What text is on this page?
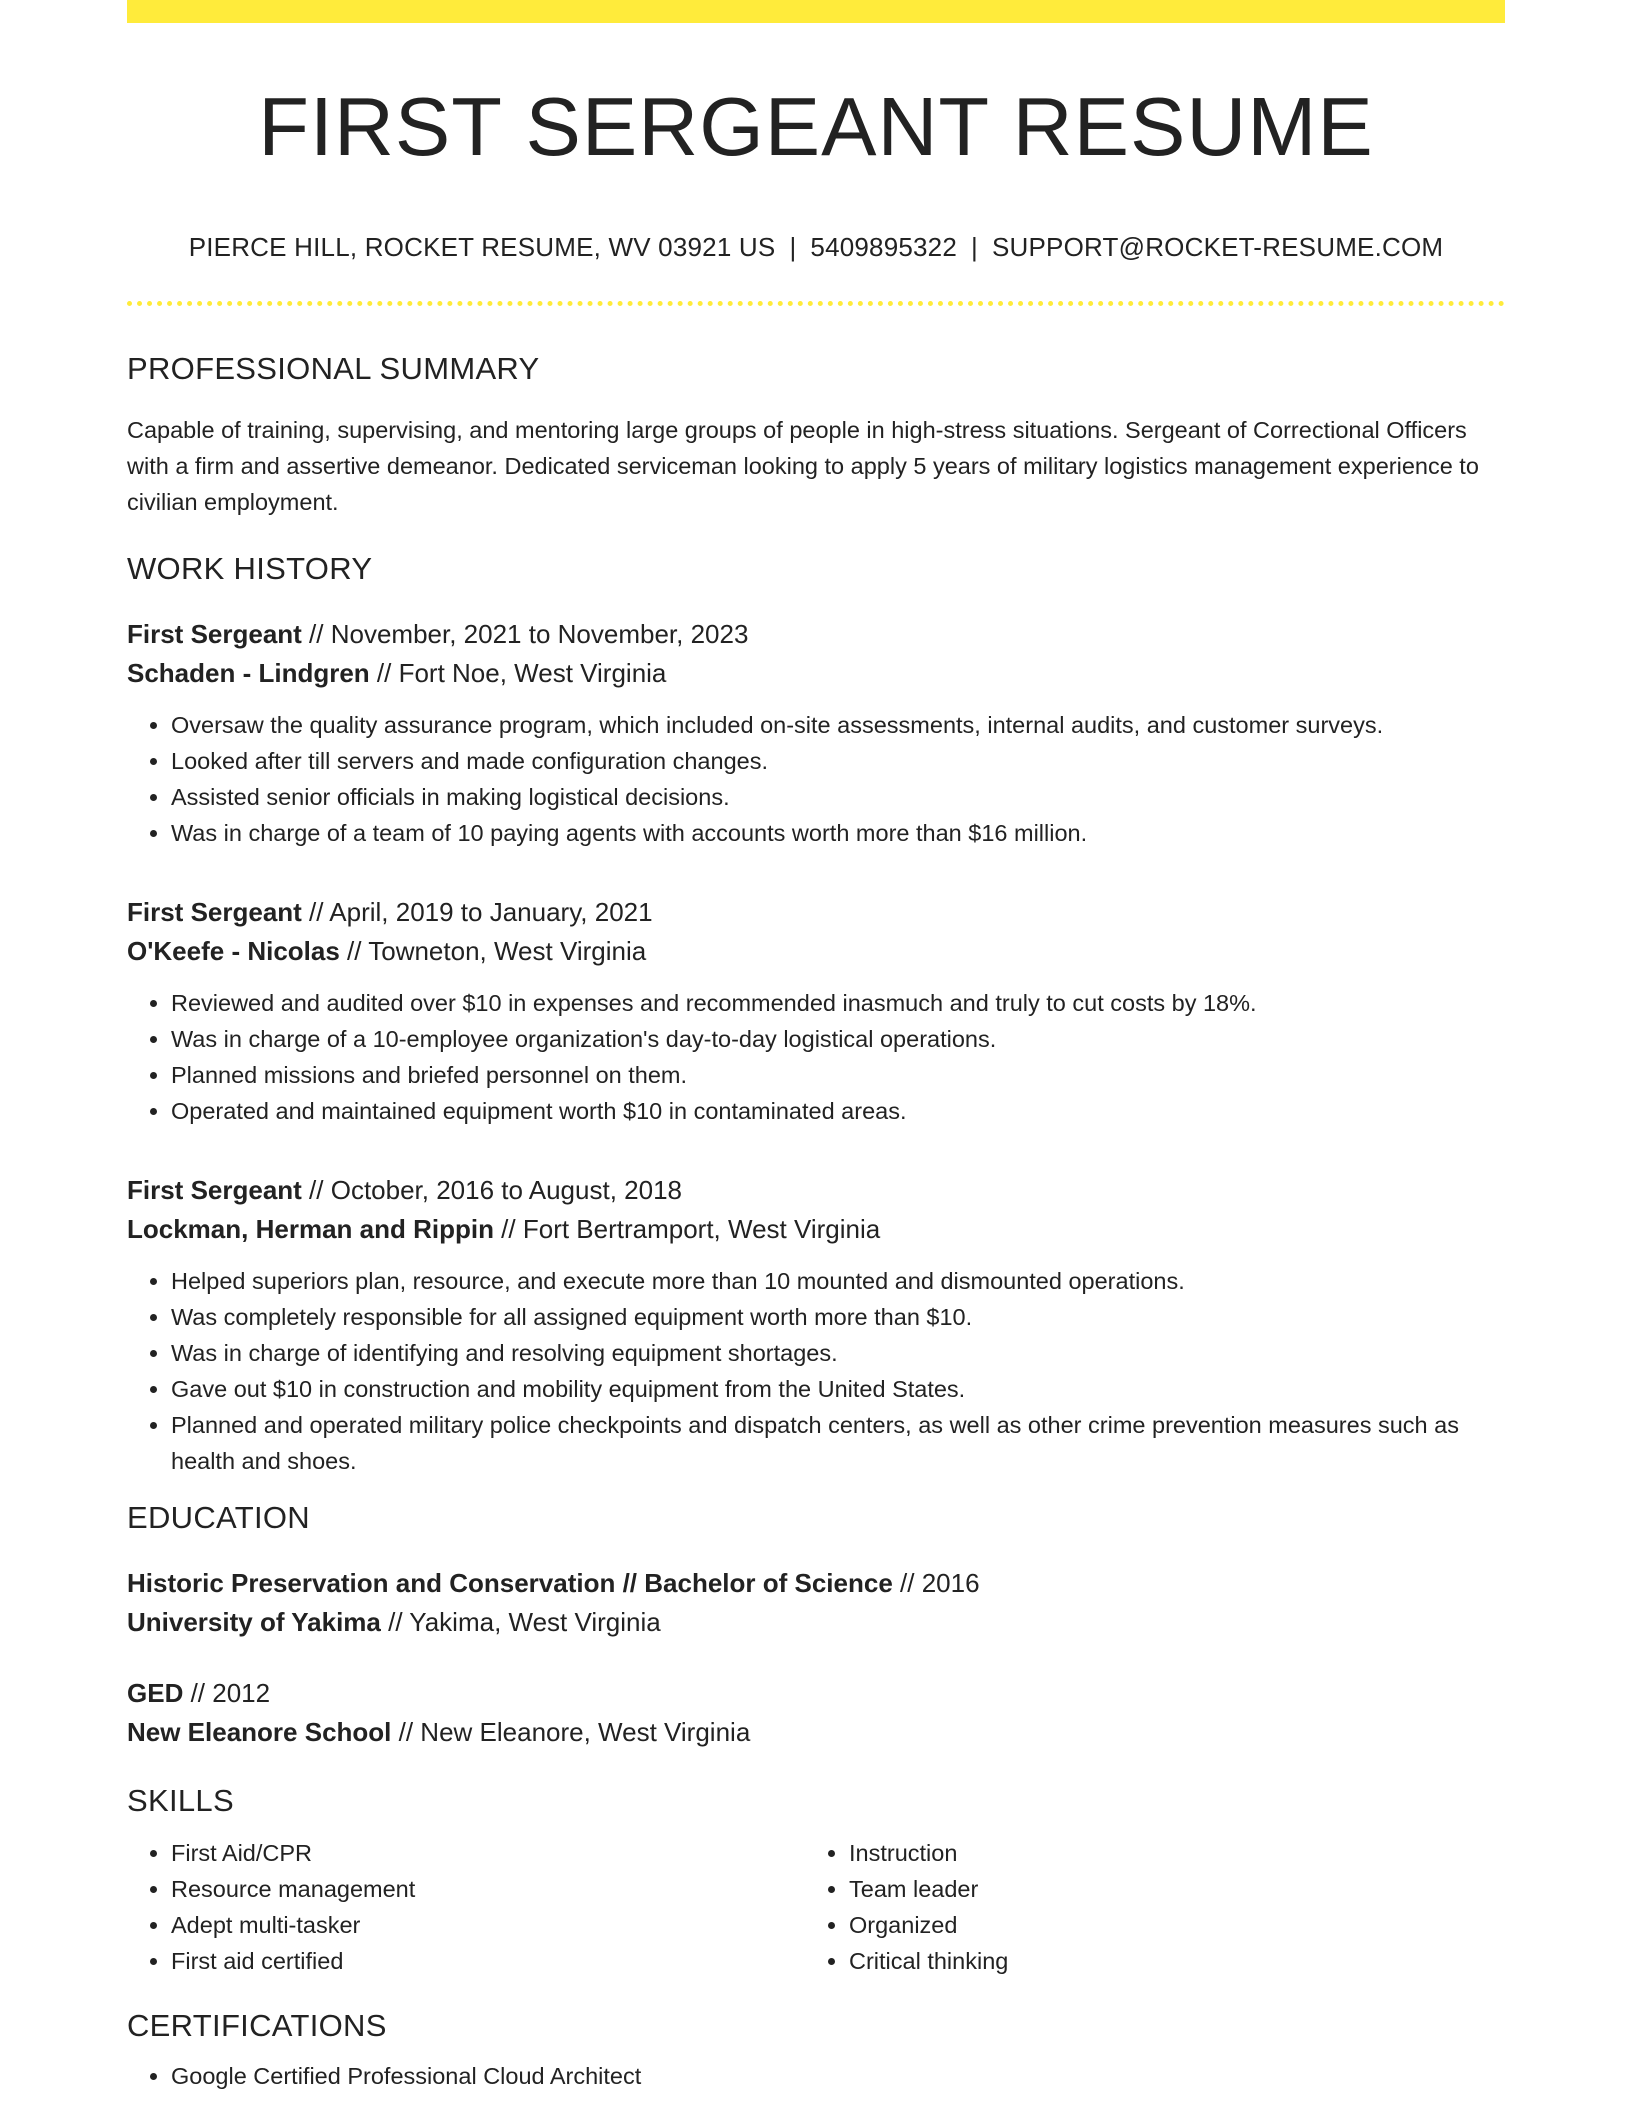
FIRST SERGEANT RESUME
PIERCE HILL, ROCKET RESUME, WV 03921 US | 5409895322 | SUPPORT@ROCKET-RESUME.COM
PROFESSIONAL SUMMARY
Capable of training, supervising, and mentoring large groups of people in high-stress situations. Sergeant of Correctional Officers with a firm and assertive demeanor. Dedicated serviceman looking to apply 5 years of military logistics management experience to civilian employment.
WORK HISTORY
First Sergeant // November, 2021 to November, 2023
Schaden - Lindgren // Fort Noe, West Virginia
• Oversaw the quality assurance program, which included on-site assessments, internal audits, and customer surveys.
• Looked after till servers and made configuration changes.
• Assisted senior officials in making logistical decisions.
• Was in charge of a team of 10 paying agents with accounts worth more than $16 million.
First Sergeant // April, 2019 to January, 2021
O'Keefe - Nicolas // Towneton, West Virginia
• Reviewed and audited over $10 in expenses and recommended inasmuch and truly to cut costs by 18%.
• Was in charge of a 10-employee organization's day-to-day logistical operations.
• Planned missions and briefed personnel on them.
• Operated and maintained equipment worth $10 in contaminated areas.
First Sergeant // October, 2016 to August, 2018
Lockman, Herman and Rippin // Fort Bertramport, West Virginia
• Helped superiors plan, resource, and execute more than 10 mounted and dismounted operations.
• Was completely responsible for all assigned equipment worth more than $10.
• Was in charge of identifying and resolving equipment shortages.
• Gave out $10 in construction and mobility equipment from the United States.
• Planned and operated military police checkpoints and dispatch centers, as well as other crime prevention measures such as health and shoes.
EDUCATION
Historic Preservation and Conservation // Bachelor of Science // 2016
University of Yakima // Yakima, West Virginia
GED // 2012
New Eleanore School // New Eleanore, West Virginia
SKILLS
• First Aid/CPR
• Resource management
• Adept multi-tasker
• First aid certified
• Instruction
• Team leader
• Organized
• Critical thinking
CERTIFICATIONS
• Google Certified Professional Cloud Architect
